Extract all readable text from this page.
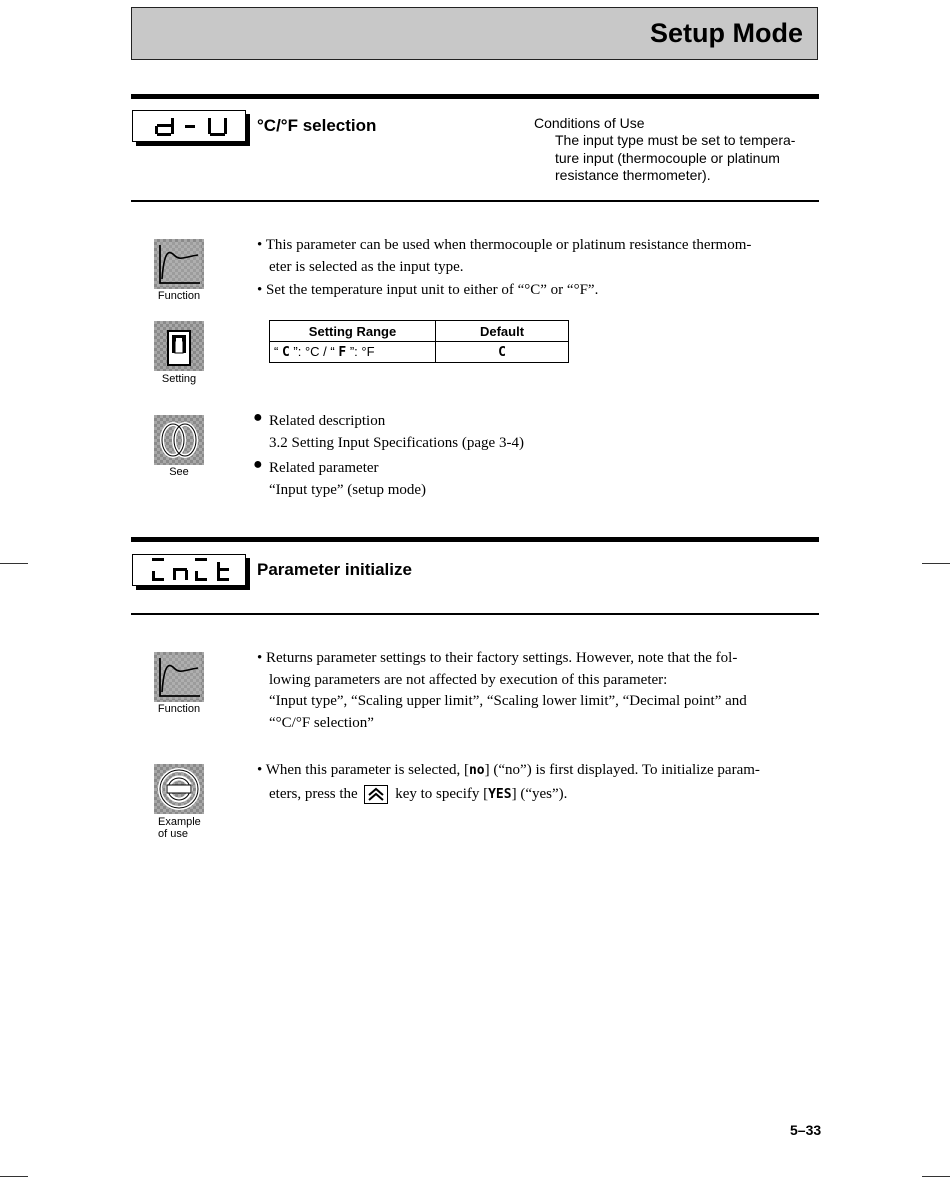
Setup Mode
°C/°F selection	Conditions of Use
The input type must be set to tempera-
ture input (thermocouple or platinum
resistance thermometer).
Function
• This parameter can be used when thermocouple or platinum resistance thermom-
eter is selected as the input type.
• Set the temperature input unit to either of “°C” or “°F”.
Setting
Setting Range	Default
“ C ”: °C / “ F ”: °F	C
See
● Related description
3.2 Setting Input Specifications (page 3-4)
● Related parameter
“Input type” (setup mode)
Parameter initialize
Function
• Returns parameter settings to their factory settings. However, note that the fol-
lowing parameters are not affected by execution of this parameter:
“Input type”, “Scaling upper limit”, “Scaling lower limit”, “Decimal point” and
“°C/°F selection”
Example
of use
• When this parameter is selected, [no] (“no”) is first displayed. To initialize param-
eters, press the	key to specify [YES] (“yes”).
5–33
